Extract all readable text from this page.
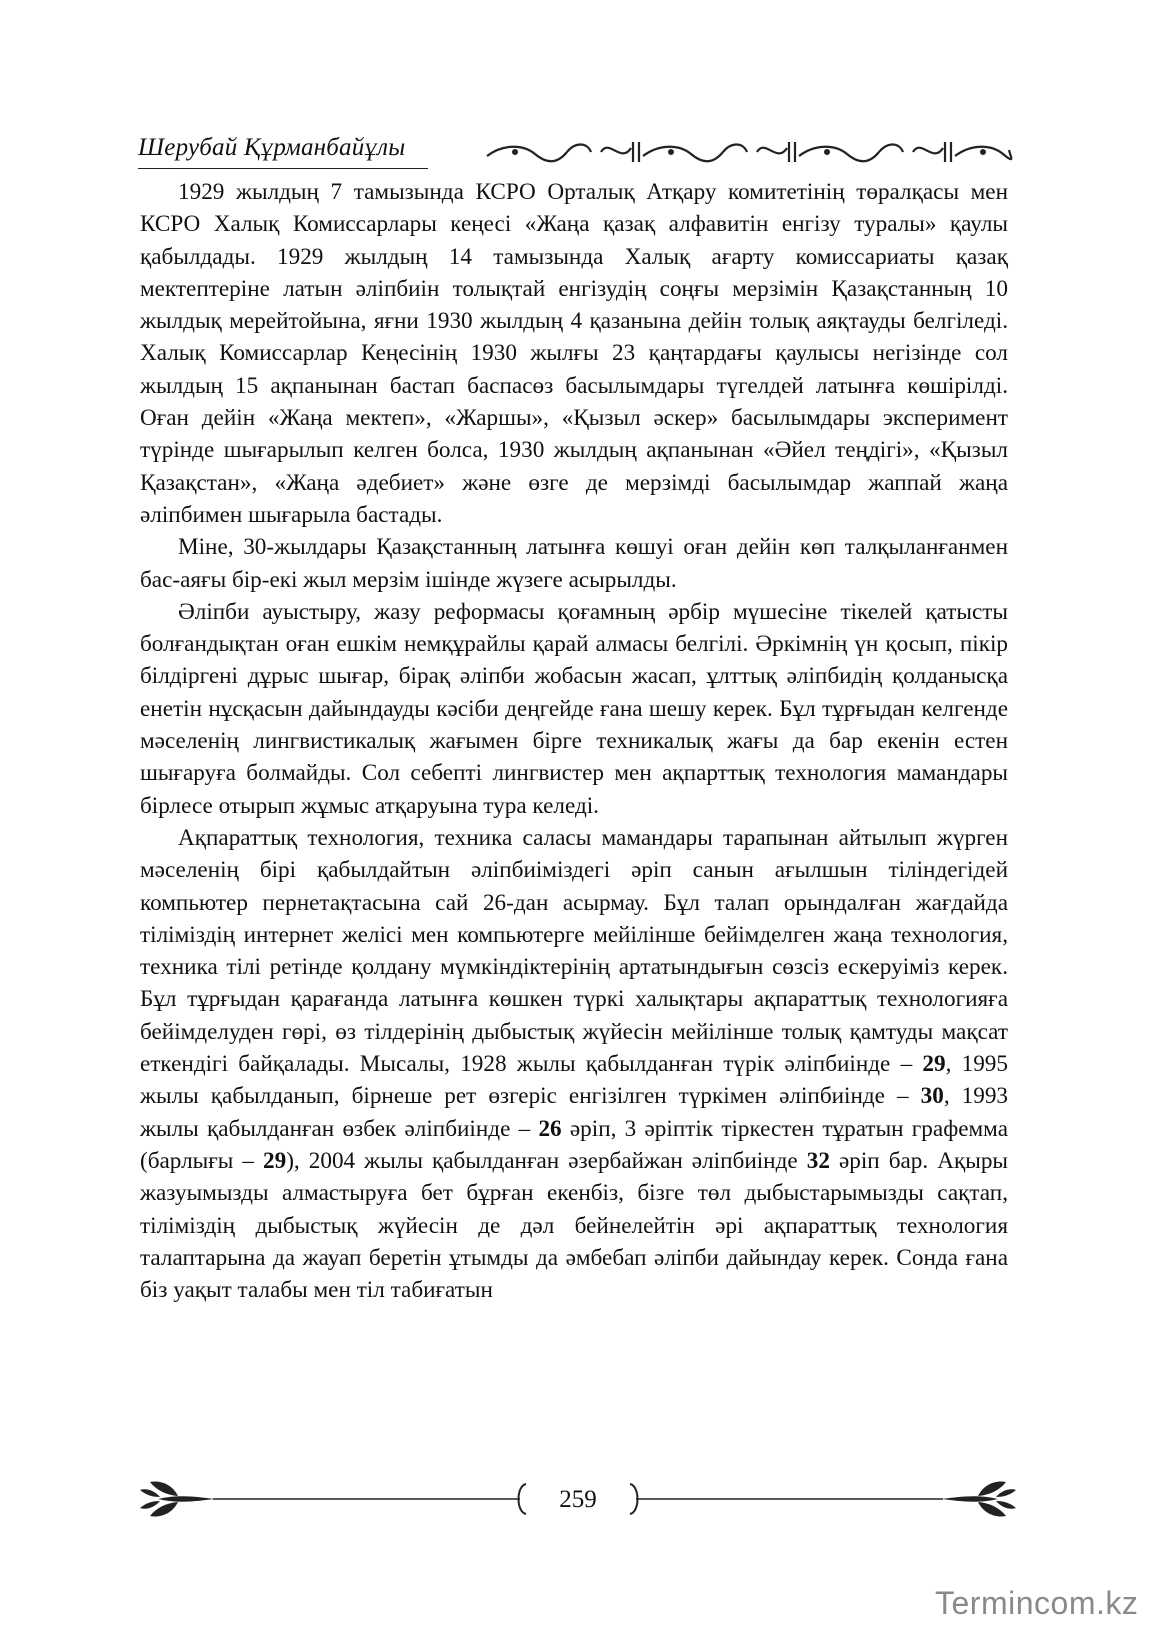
Шерубай Құрманбайұлы

1929 жылдың 7 тамызында КСРО Орталық Атқару комитетінің төралқасы мен КСРО Халық Комиссарлары кеңесі «Жаңа қазақ алфавитін енгізу туралы» қаулы қабылдады. 1929 жылдың 14 тамызында Халық ағарту комиссариаты қазақ мектептеріне латын әліпбиін толықтай енгізудің соңғы мерзімін Қазақстанның 10 жылдық мерейтойына, яғни 1930 жылдың 4 қазанына дейін толық аяқтауды белгіледі. Халық Комиссарлар Кеңесінің 1930 жылғы 23 қаңтардағы қаулысы негізінде сол жылдың 15 ақпанынан бастап баспасөз басылымдары түгелдей латынға көшірілді. Оған дейін «Жаңа мектеп», «Жаршы», «Қызыл әскер» басылымдары эксперимент түрінде шығарылып келген болса, 1930 жылдың ақпанынан «Әйел теңдігі», «Қызыл Қазақстан», «Жаңа әдебиет» және өзге де мерзімді басылымдар жаппай жаңа әліпбимен шығарыла бастады.

Міне, 30-жылдары Қазақстанның латынға көшуі оған дейін көп талқыланғанмен бас-аяғы бір-екі жыл мерзім ішінде жүзеге асырылды.

Әліпби ауыстыру, жазу реформасы қоғамның әрбір мүшесіне тікелей қатысты болғандықтан оған ешкім немқұрайлы қарай алмасы белгілі. Әркімнің үн қосып, пікір білдіргені дұрыс шығар, бірақ әліпби жобасын жасап, ұлттық әліпбидің қолданысқа енетін нұсқасын дайындауды кәсіби деңгейде ғана шешу керек. Бұл тұрғыдан келгенде мәселенің лингвистикалық жағымен бірге техникалық жағы да бар екенін естен шығаруға болмайды. Сол себепті лингвистер мен ақпарттық технология мамандары бірлесе отырып жұмыс атқаруына тура келеді.

Ақпараттық технология, техника саласы мамандары тарапынан айтылып жүрген мәселенің бірі қабылдайтын әліпбиіміздегі әріп санын ағылшын тіліндегідей компьютер пернетақтасына сай 26-дан асырмау. Бұл талап орындалған жағдайда тіліміздің интернет желісі мен компьютерге мейілінше бейімделген жаңа технология, техника тілі ретінде қолдану мүмкіндіктерінің артатындығын сөзсіз ескеруіміз керек. Бұл тұрғыдан қарағанда латынға көшкен түркі халықтары ақпараттық технологияға бейімделуден гөрі, өз тілдерінің дыбыстық жүйесін мейілінше толық қамтуды мақсат еткендігі байқалады. Мысалы, 1928 жылы қабылданған түрік әліпбиінде – 29, 1995 жылы қабылданып, бірнеше рет өзгеріс енгізілген түркімен әліпбиінде – 30, 1993 жылы қабылданған өзбек әліпбиінде – 26 әріп, 3 әріптік тіркестен тұратын графемма (барлығы – 29), 2004 жылы қабылданған әзербайжан әліпбиінде 32 әріп бар. Ақыры жазуымызды алмастыруға бет бұрған екенбіз, бізге төл дыбыстарымызды сақтап, тіліміздің дыбыстық жүйесін де дәл бейнелейтін әрі ақпараттық технология талаптарына да жауап беретін ұтымды да әмбебап әліпби дайындау керек. Сонда ғана біз уақыт талабы мен тіл табиғатын

259
Termincom.kz
